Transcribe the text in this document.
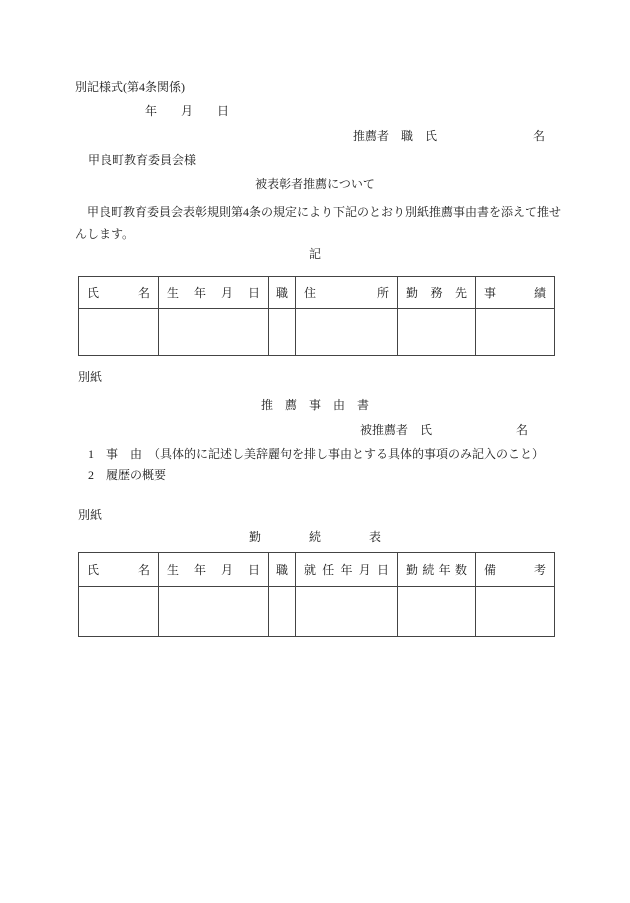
別記様式(第4条関係)
年　　月　　日
推薦者　職　氏　　　　　　　　名
甲良町教育委員会様
被表彰者推薦について
　甲良町教育委員会表彰規則第4条の規定により下記のとおり別紙推薦事由書を添えて推せんします。
記
氏名	生年月日	職	住所	勤務先	事績

別紙
推　薦　事　由　書
被推薦者　氏　　　　　　　名
1 事　由　（具体的に記述し美辞麗句を排し事由とする具体的事項のみ記入のこと）
2 履歴の概要
別紙
勤　　　　続　　　　表
氏名	生年月日	職	就任年月日	勤続年数	備考
